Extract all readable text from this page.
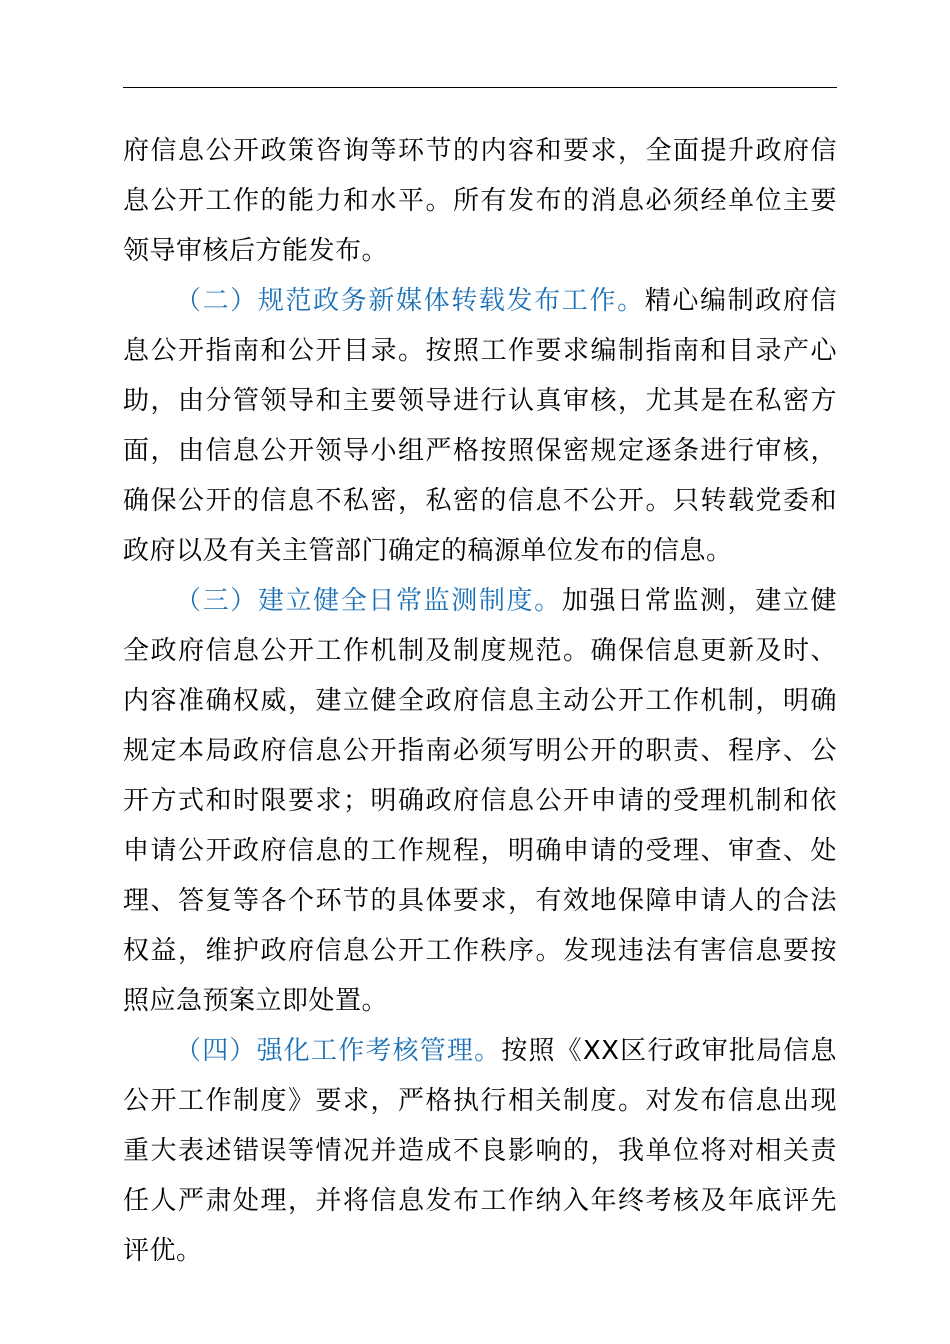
府信息公开政策咨询等环节的内容和要求，全面提升政府信息公开工作的能力和水平。所有发布的消息必须经单位主要领导审核后方能发布。

（二）规范政务新媒体转载发布工作。精心编制政府信息公开指南和公开目录。按照工作要求编制指南和目录产心助，由分管领导和主要领导进行认真审核，尤其是在私密方面，由信息公开领导小组严格按照保密规定逐条进行审核，确保公开的信息不私密，私密的信息不公开。只转载党委和政府以及有关主管部门确定的稿源单位发布的信息。

（三）建立健全日常监测制度。加强日常监测，建立健全政府信息公开工作机制及制度规范。确保信息更新及时、内容准确权威，建立健全政府信息主动公开工作机制，明确规定本局政府信息公开指南必须写明公开的职责、程序、公开方式和时限要求；明确政府信息公开申请的受理机制和依申请公开政府信息的工作规程，明确申请的受理、审查、处理、答复等各个环节的具体要求，有效地保障申请人的合法权益，维护政府信息公开工作秩序。发现违法有害信息要按照应急预案立即处置。

（四）强化工作考核管理。按照《XX区行政审批局信息公开工作制度》要求，严格执行相关制度。对发布信息出现重大表述错误等情况并造成不良影响的，我单位将对相关责任人严肃处理，并将信息发布工作纳入年终考核及年底评先评优。
